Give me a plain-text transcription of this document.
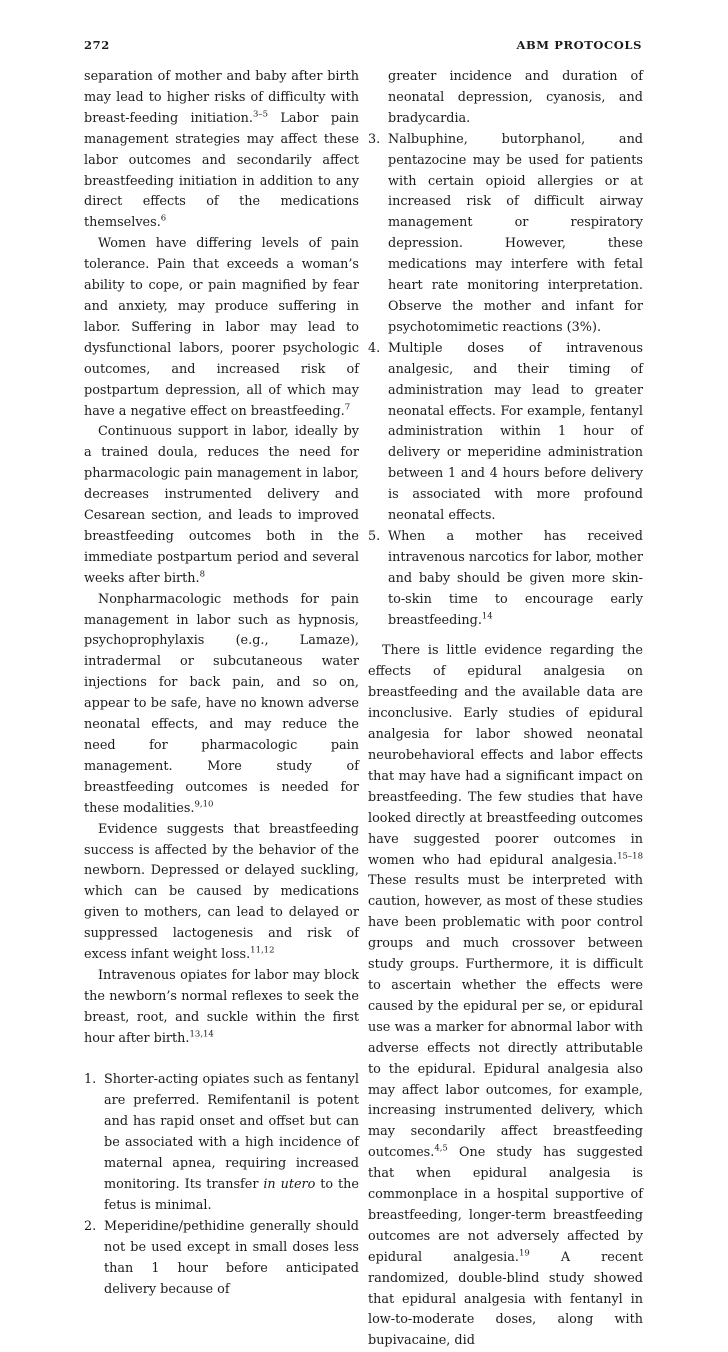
272	ABM PROTOCOLS

separation of mother and baby after birth may lead to higher risks of difficulty with breast-feeding initiation.$^{3-5}$ Labor pain management strategies may affect these labor outcomes and secondarily affect breastfeeding initiation in addition to any direct effects of the medications themselves.$^6$

Women have differing levels of pain tolerance. Pain that exceeds a woman’s ability to cope, or pain magnified by fear and anxiety, may produce suffering in labor. Suffering in labor may lead to dysfunctional labors, poorer psychologic outcomes, and increased risk of postpartum depression, all of which may have a negative effect on breastfeeding.$^7$

Continuous support in labor, ideally by a trained doula, reduces the need for pharmacologic pain management in labor, decreases instrumented delivery and Cesarean section, and leads to improved breastfeeding outcomes both in the immediate postpartum period and several weeks after birth.$^8$

Nonpharmacologic methods for pain management in labor such as hypnosis, psychoprophylaxis (e.g., Lamaze), intradermal or subcutaneous water injections for back pain, and so on, appear to be safe, have no known adverse neonatal effects, and may reduce the need for pharmacologic pain management. More study of breastfeeding outcomes is needed for these modalities.$^{9,10}$

Evidence suggests that breastfeeding success is affected by the behavior of the newborn. Depressed or delayed suckling, which can be caused by medications given to mothers, can lead to delayed or suppressed lactogenesis and risk of excess infant weight loss.$^{11,12}$

Intravenous opiates for labor may block the newborn’s normal reflexes to seek the breast, root, and suckle within the first hour after birth.$^{13,14}$

1. Shorter-acting opiates such as fentanyl are preferred. Remifentanil is potent and has rapid onset and offset but can be associated with a high incidence of maternal apnea, requiring increased monitoring. Its transfer in utero to the fetus is minimal.
2. Meperidine/pethidine generally should not be used except in small doses less than 1 hour before anticipated delivery because of
greater incidence and duration of neonatal depression, cyanosis, and bradycardia.
3. Nalbuphine, butorphanol, and pentazocine may be used for patients with certain opioid allergies or at increased risk of difficult airway management or respiratory depression. However, these medications may interfere with fetal heart rate monitoring interpretation. Observe the mother and infant for psychotomimetic reactions (3%).
4. Multiple doses of intravenous analgesic, and their timing of administration may lead to greater neonatal effects. For example, fentanyl administration within 1 hour of delivery or meperidine administration between 1 and 4 hours before delivery is associated with more profound neonatal effects.
5. When a mother has received intravenous narcotics for labor, mother and baby should be given more skin-to-skin time to encourage early breastfeeding.$^{14}$

There is little evidence regarding the effects of epidural analgesia on breastfeeding and the available data are inconclusive. Early studies of epidural analgesia for labor showed neonatal neurobehavioral effects and labor effects that may have had a significant impact on breastfeeding. The few studies that have looked directly at breastfeeding outcomes have suggested poorer outcomes in women who had epidural analgesia.$^{15-18}$ These results must be interpreted with caution, however, as most of these studies have been problematic with poor control groups and much crossover between study groups. Furthermore, it is difficult to ascertain whether the effects were caused by the epidural per se, or epidural use was a marker for abnormal labor with adverse effects not directly attributable to the epidural. Epidural analgesia also may affect labor outcomes, for example, increasing instrumented delivery, which may secondarily affect breastfeeding outcomes.$^{4,5}$ One study has suggested that when epidural analgesia is commonplace in a hospital supportive of breastfeeding, longer-term breastfeeding outcomes are not adversely affected by epidural analgesia.$^{19}$ A recent randomized, double-blind study showed that epidural analgesia with fentanyl in low-to-moderate doses, along with bupivacaine, did
